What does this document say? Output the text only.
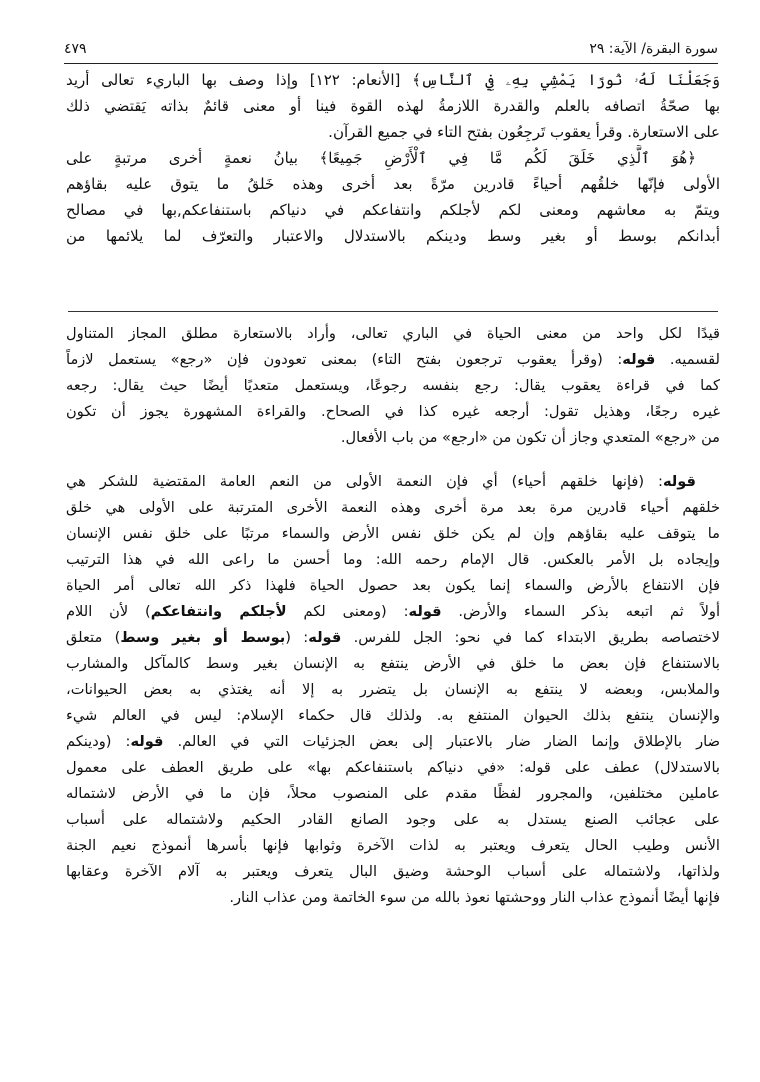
سورة البقرة/ الآية: ٢٩
٤٧٩
وَجَعَلْنَا لَهُۥ نُورًا يَمْشِي بِهِۦ فِي ٱلنَّاسِ﴾ [الأنعام: ١٢٢] وإذا وصف بها الباريء تعالى أريد
بها صحّةُ اتصافه بالعلم والقدرة اللازمةُ لهذه القوة فينا أو معنى قائمٌ بذاته يَقتضي ذلك
على الاستعارة. وقرأ يعقوب تَرجِعُون بفتح التاء في جميع القرآن.
﴿هُوَ ٱلَّذِي خَلَقَ لَكُم مَّا فِي ٱلْأَرْضِ جَمِيعًا﴾ بيانُ نعمةٍ أخرى مرتبةٍ على
الأولى فإنّها خلقُهم أحياءً قادرين مرّةً بعد أخرى وهذه خَلقُ ما يتوق عليه بقاؤهم
ويتمّ به معاشهم ومعنى لكم لأجلكم وانتفاعكم في دنياكم باستنفاعكم,بها في مصالح
أبدانكم بوسط أو بغير وسط ودينكم بالاستدلال والاعتبار والتعرّف لما يلائمها من
قيدًا لكل واحد من معنى الحياة في الباري تعالى، وأراد بالاستعارة مطلق المجاز المتناول
لقسميه. قوله: (وقرأ يعقوب ترجعون بفتح التاء) بمعنى تعودون فإن «رجع» يستعمل لازماً
كما في قراءة يعقوب يقال: رجع بنفسه رجوعًا، ويستعمل متعديًا أيضًا حيث يقال: رجعه
غيره رجعًا، وهذيل تقول: أرجعه غيره كذا في الصحاح. والقراءة المشهورة يجوز أن تكون
من «رجع» المتعدي وجاز أن تكون من «ارجع» من باب الأفعال.
قوله: (فإنها خلقهم أحياء) أي فإن النعمة الأولى من النعم العامة المقتضية للشكر هي
خلقهم أحياء قادرين مرة بعد مرة أخرى وهذه النعمة الأخرى المترتبة على الأولى هي خلق
ما يتوقف عليه بقاؤهم وإن لم يكن خلق نفس الأرض والسماء مرتبًا على خلق نفس الإنسان
وإيجاده بل الأمر بالعكس. قال الإمام رحمه الله: وما أحسن ما راعى الله في هذا الترتيب
فإن الانتفاع بالأرض والسماء إنما يكون بعد حصول الحياة فلهذا ذكر الله تعالى أمر الحياة
أولاً ثم اتبعه بذكر السماء والأرض. قوله: (ومعنى لكم لأجلكم وانتفاعكم) لأن اللام
لاختصاصه بطريق الابتداء كما في نحو: الجل للفرس. قوله: (بوسط أو بغير وسط) متعلق
بالاستنفاع فإن بعض ما خلق في الأرض ينتفع به الإنسان بغير وسط كالمآكل والمشارب
والملابس، وبعضه لا ينتفع به الإنسان بل يتضرر به إلا أنه يغتذي به بعض الحيوانات،
والإنسان ينتفع بذلك الحيوان المنتفع به. ولذلك قال حكماء الإسلام: ليس في العالم شيء
ضار بالإطلاق وإنما الضار ضار بالاعتبار إلى بعض الجزئيات التي في العالم. قوله: (ودينكم
بالاستدلال) عطف على قوله: «في دنياكم باستنفاعكم بها» على طريق العطف على معمول
عاملين مختلفين، والمجرور لفظًا مقدم على المنصوب محلاً، فإن ما في الأرض لاشتماله
على عجائب الصنع يستدل به على وجود الصانع القادر الحكيم ولاشتماله على أسباب
الأنس وطيب الحال يتعرف ويعتبر به لذات الآخرة وثوابها فإنها بأسرها أنموذج نعيم الجنة
ولذاتها، ولاشتماله على أسباب الوحشة وضيق البال يتعرف ويعتبر به آلام الآخرة وعقابها
فإنها أيضًا أنموذج عذاب النار ووحشتها نعوذ بالله من سوء الخاتمة ومن عذاب النار.
